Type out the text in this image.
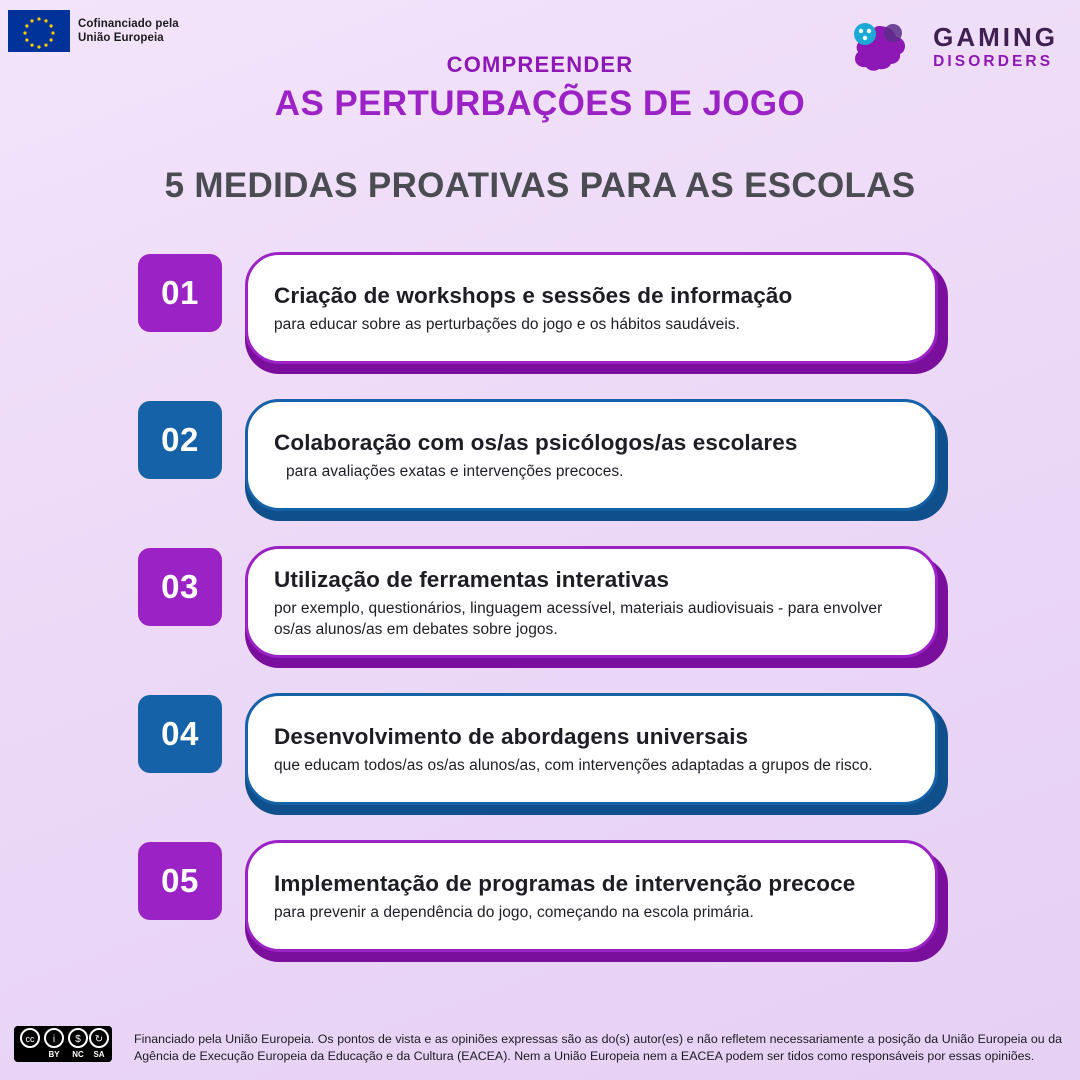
Cofinanciado pela
União Europeia
COMPREENDER
AS PERTURBAÇÕES DE JOGO
GAMING
DISORDERS
5 MEDIDAS PROATIVAS PARA AS ESCOLAS
01	Criação de workshops e sessões de informação
para educar sobre as perturbações do jogo e os hábitos saudáveis.
02	Colaboração com os/as psicólogos/as escolares
para avaliações exatas e intervenções precoces.
03	Utilização de ferramentas interativas
por exemplo, questionários, linguagem acessível, materiais audiovisuais - para envolver os/as alunos/as em debates sobre jogos.
04	Desenvolvimento de abordagens universais
que educam todos/as os/as alunos/as, com intervenções adaptadas a grupos de risco.
05	Implementação de programas de intervenção precoce
para prevenir a dependência do jogo, começando na escola primária.
cc i $ ↻
BY NC SA
Financiado pela União Europeia. Os pontos de vista e as opiniões expressas são as do(s) autor(es) e não refletem necessariamente a posição da União Europeia ou da Agência de Execução Europeia da Educação e da Cultura (EACEA). Nem a União Europeia nem a EACEA podem ser tidos como responsáveis por essas opiniões.
